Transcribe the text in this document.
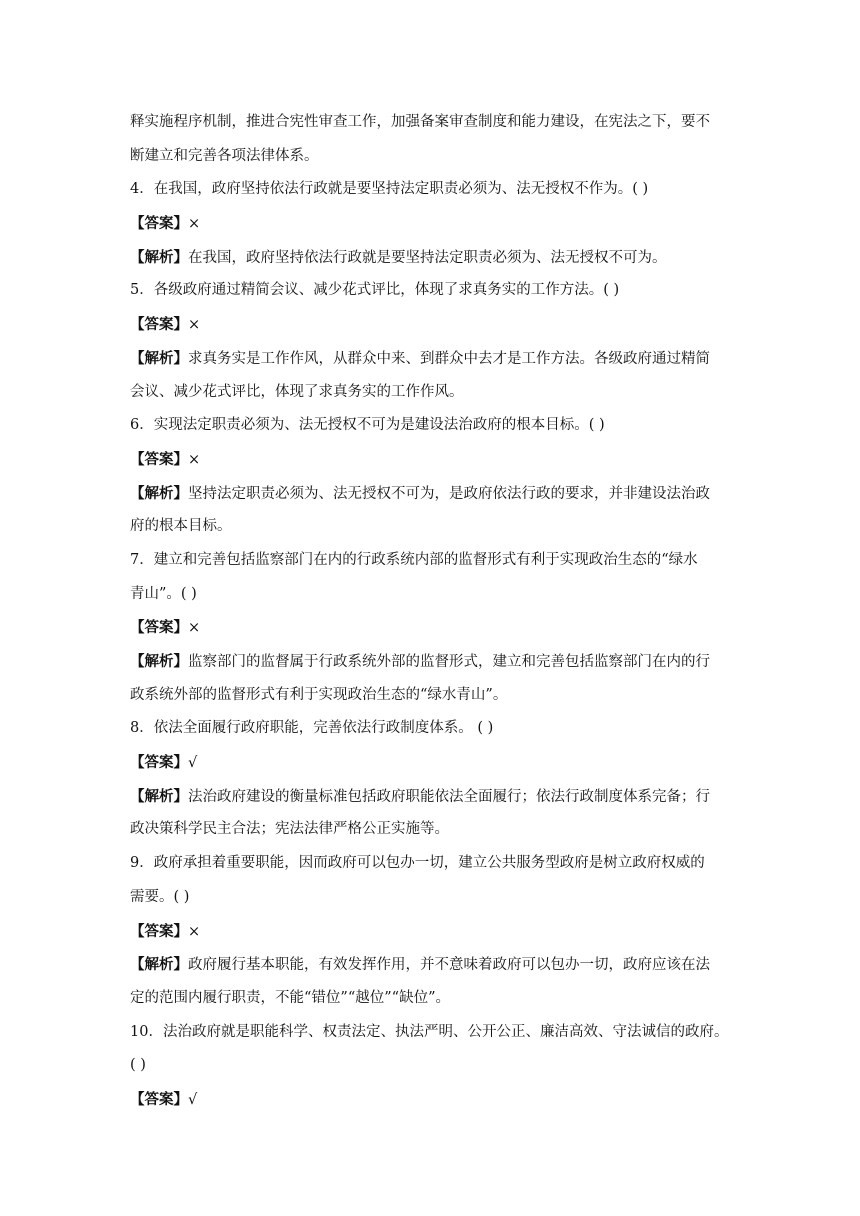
释实施程序机制，推进合宪性审查工作，加强备案审查制度和能力建设，在宪法之下，要不
断建立和完善各项法律体系。
4．在我国，政府坚持依法行政就是要坚持法定职责必须为、法无授权不作为。( )
【答案】×
【解析】在我国，政府坚持依法行政就是要坚持法定职责必须为、法无授权不可为。
5．各级政府通过精简会议、减少花式评比，体现了求真务实的工作方法。( )
【答案】×
【解析】求真务实是工作作风，从群众中来、到群众中去才是工作方法。各级政府通过精简
会议、减少花式评比，体现了求真务实的工作作风。
6．实现法定职责必须为、法无授权不可为是建设法治政府的根本目标。( )
【答案】×
【解析】坚持法定职责必须为、法无授权不可为，是政府依法行政的要求，并非建设法治政
府的根本目标。
7．建立和完善包括监察部门在内的行政系统内部的监督形式有利于实现政治生态的“绿水
青山”。( )
【答案】×
【解析】监察部门的监督属于行政系统外部的监督形式，建立和完善包括监察部门在内的行
政系统外部的监督形式有利于实现政治生态的“绿水青山”。
8．依法全面履行政府职能，完善依法行政制度体系。 ( )
【答案】√
【解析】法治政府建设的衡量标准包括政府职能依法全面履行；依法行政制度体系完备；行
政决策科学民主合法；宪法法律严格公正实施等。
9．政府承担着重要职能，因而政府可以包办一切，建立公共服务型政府是树立政府权威的
需要。( )
【答案】×
【解析】政府履行基本职能，有效发挥作用，并不意味着政府可以包办一切，政府应该在法
定的范围内履行职责，不能“错位”“越位”“缺位”。
10．法治政府就是职能科学、权责法定、执法严明、公开公正、廉洁高效、守法诚信的政府。
( )
【答案】√
